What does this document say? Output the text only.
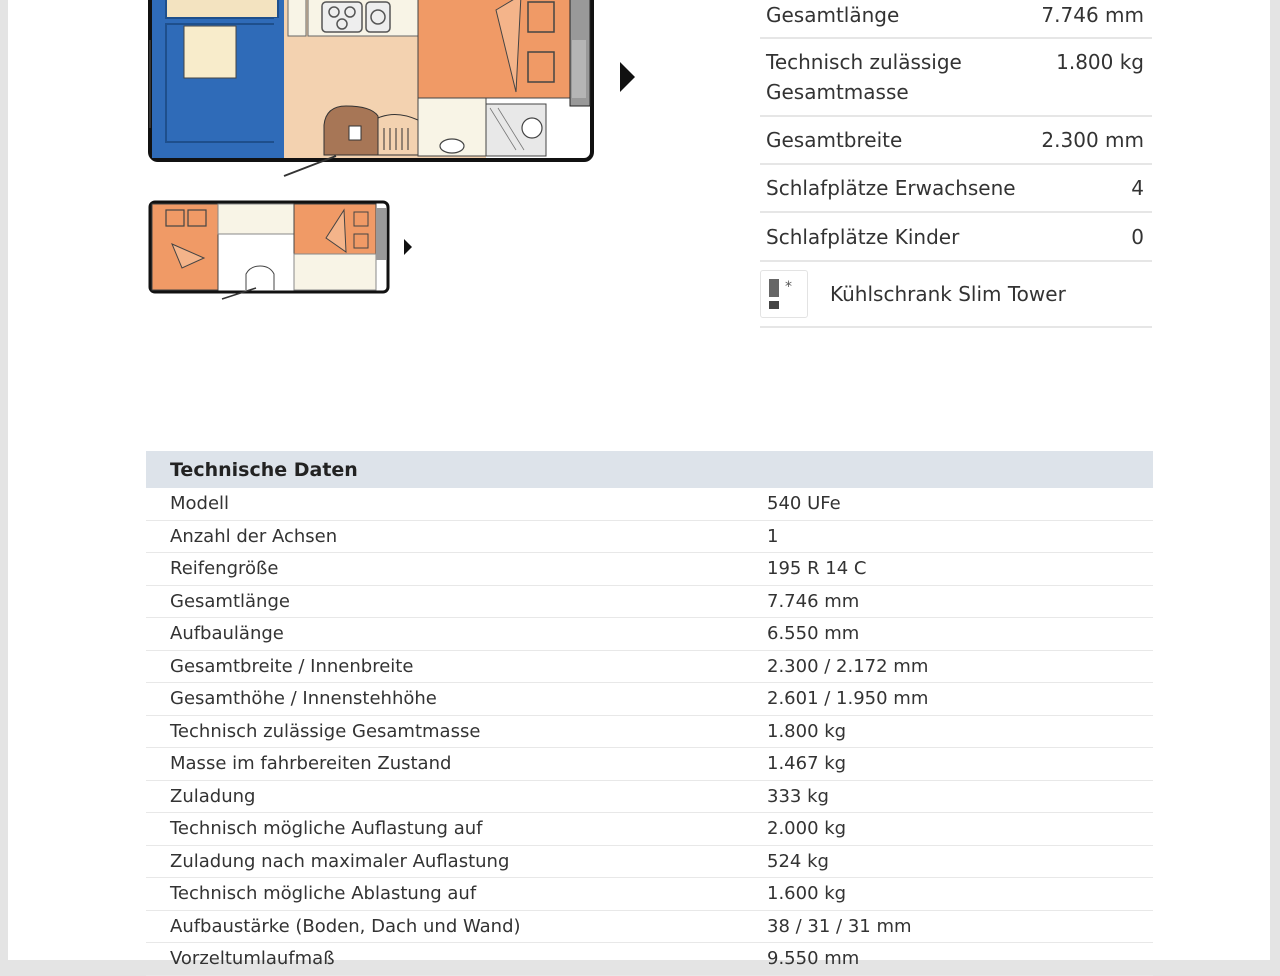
Gesamtlänge	7.746 mm
Technisch zulässige
Gesamtmasse
1.800 kg
Gesamtbreite	2.300 mm
Schlafplätze Erwachsene	4
Schlafplätze Kinder	0
* Kühlschrank Slim Tower
Technische Daten
Modell	540 UFe
Anzahl der Achsen	1
Reifengröße	195 R 14 C
Gesamtlänge	7.746 mm
Aufbaulänge	6.550 mm
Gesamtbreite / Innenbreite	2.300 / 2.172 mm
Gesamthöhe / Innenstehhöhe	2.601 / 1.950 mm
Technisch zulässige Gesamtmasse	1.800 kg
Masse im fahrbereiten Zustand	1.467 kg
Zuladung	333 kg
Technisch mögliche Auflastung auf	2.000 kg
Zuladung nach maximaler Auflastung	524 kg
Technisch mögliche Ablastung auf	1.600 kg
Aufbaustärke (Boden, Dach und Wand)	38 / 31 / 31 mm
Vorzeltumlaufmaß	9.550 mm
